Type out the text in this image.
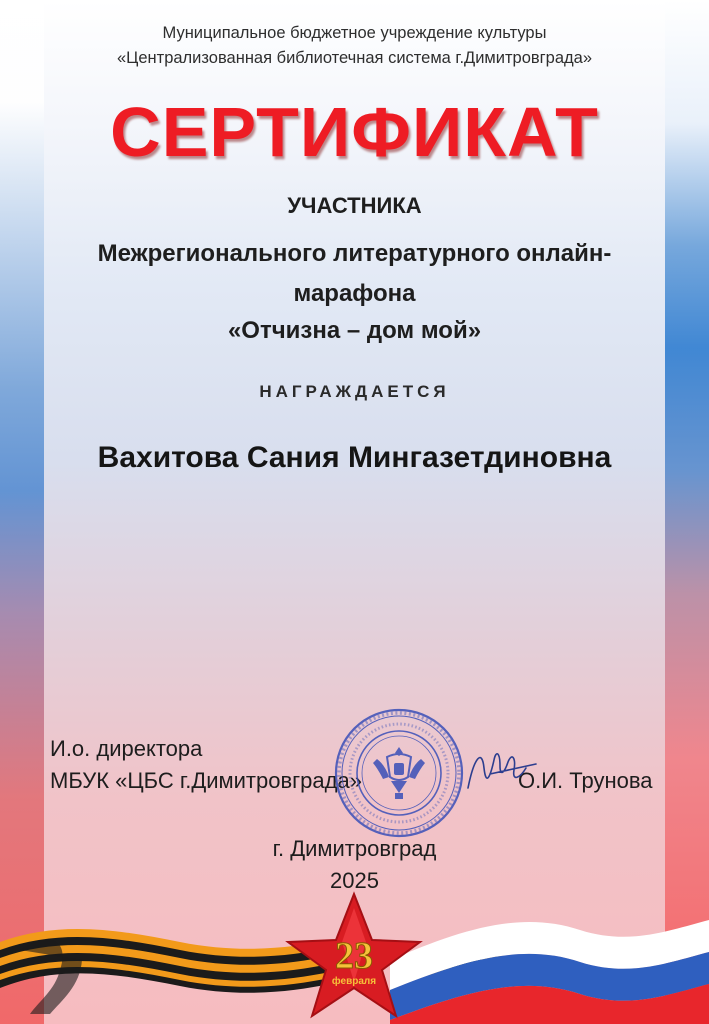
Муниципальное бюджетное учреждение культуры
«Централизованная библиотечная система г.Димитровграда»
СЕРТИФИКАТ
УЧАСТНИКА
Межрегионального литературного онлайн-
марафона
«Отчизна – дом мой»
НАГРАЖДАЕТСЯ
Вахитова Сания Мингазетдиновна
г. Димитровград
2025
И.о. директора
МБУК «ЦБС г.Димитровграда»	О.И. Трунова
23
февраля
